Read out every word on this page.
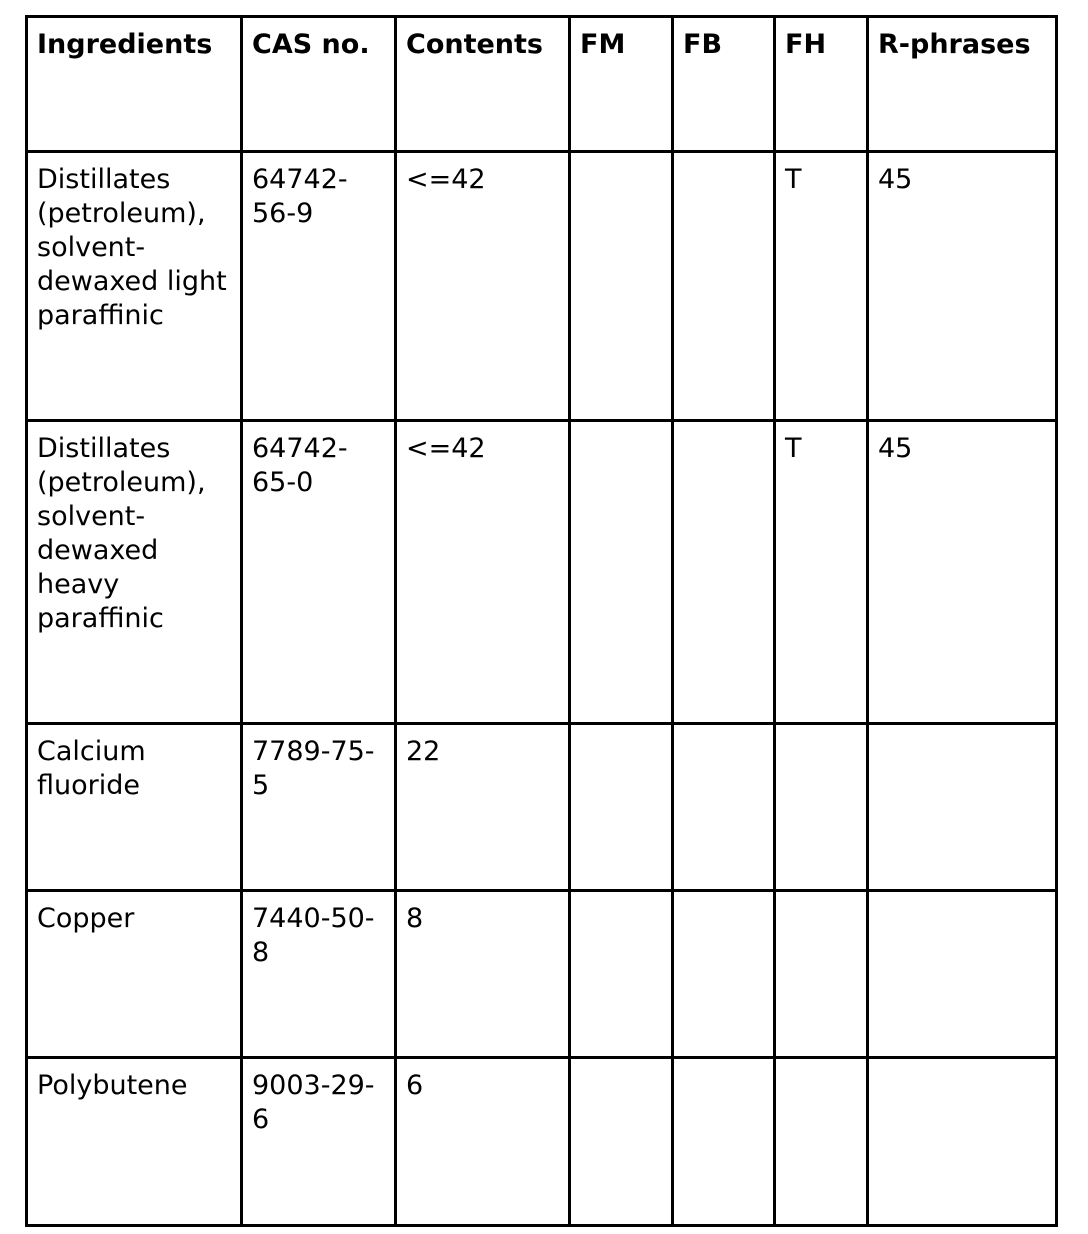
Ingredients	CAS no.	Contents	FM	FB	FH	R-phrases
Distillates (petroleum), solvent-dewaxed light paraffinic	64742-56-9	<=42			T	45
Distillates (petroleum), solvent-dewaxed heavy paraffinic	64742-65-0	<=42			T	45
Calcium fluoride	7789-75-5	22				
Copper	7440-50-8	8				
Polybutene	9003-29-6	6				
